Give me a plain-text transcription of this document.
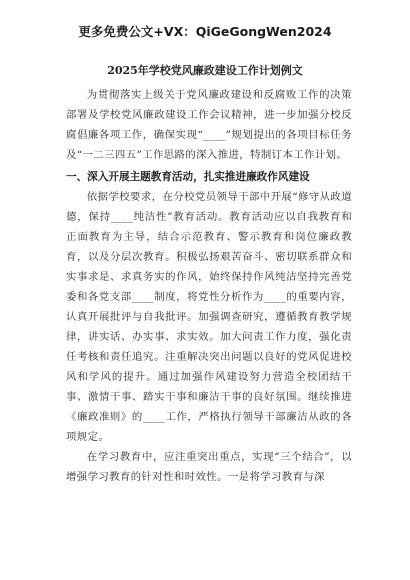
更多免费公文+VX：QiGeGongWen2024
2025年学校党风廉政建设工作计划例文

为贯彻落实上级关于党风廉政建设和反腐败工作的决策部署及学校党风廉政建设工作会议精神，进一步加强分校反腐倡廉各项工作，确保实现“____”规划提出的各项目标任务及“一二三四五”工作思路的深入推进，特制订本工作计划。

一、深入开展主题教育活动，扎实推进廉政作风建设

依据学校要求，在分校党员领导干部中开展“修守从政道德，保持____纯洁性”教育活动。教育活动应以自我教育和正面教育为主导，结合示范教育、警示教育和岗位廉政教育，以及分层次教育。积极弘扬艰苦奋斗、密切联系群众和实事求是、求真务实的作风，始终保持作风纯洁坚持完善党委和各党支部____制度，将党性分析作为____的重要内容，认真开展批评与自我批评。加强调查研究，遵循教育教学规律，讲实话、办实事、求实效。加大问责工作力度，强化责任考核和责任追究。注重解决突出问题以良好的党风促进校风和学风的提升。通过加强作风建设努力营造全校团结干事、激情干事、踏实干事和廉洁干事的良好氛围。继续推进《廉政准则》的____工作，严格执行领导干部廉洁从政的各项规定。

在学习教育中，应注重突出重点，实现“三个结合”，以增强学习教育的针对性和时效性。一是将学习教育与深
